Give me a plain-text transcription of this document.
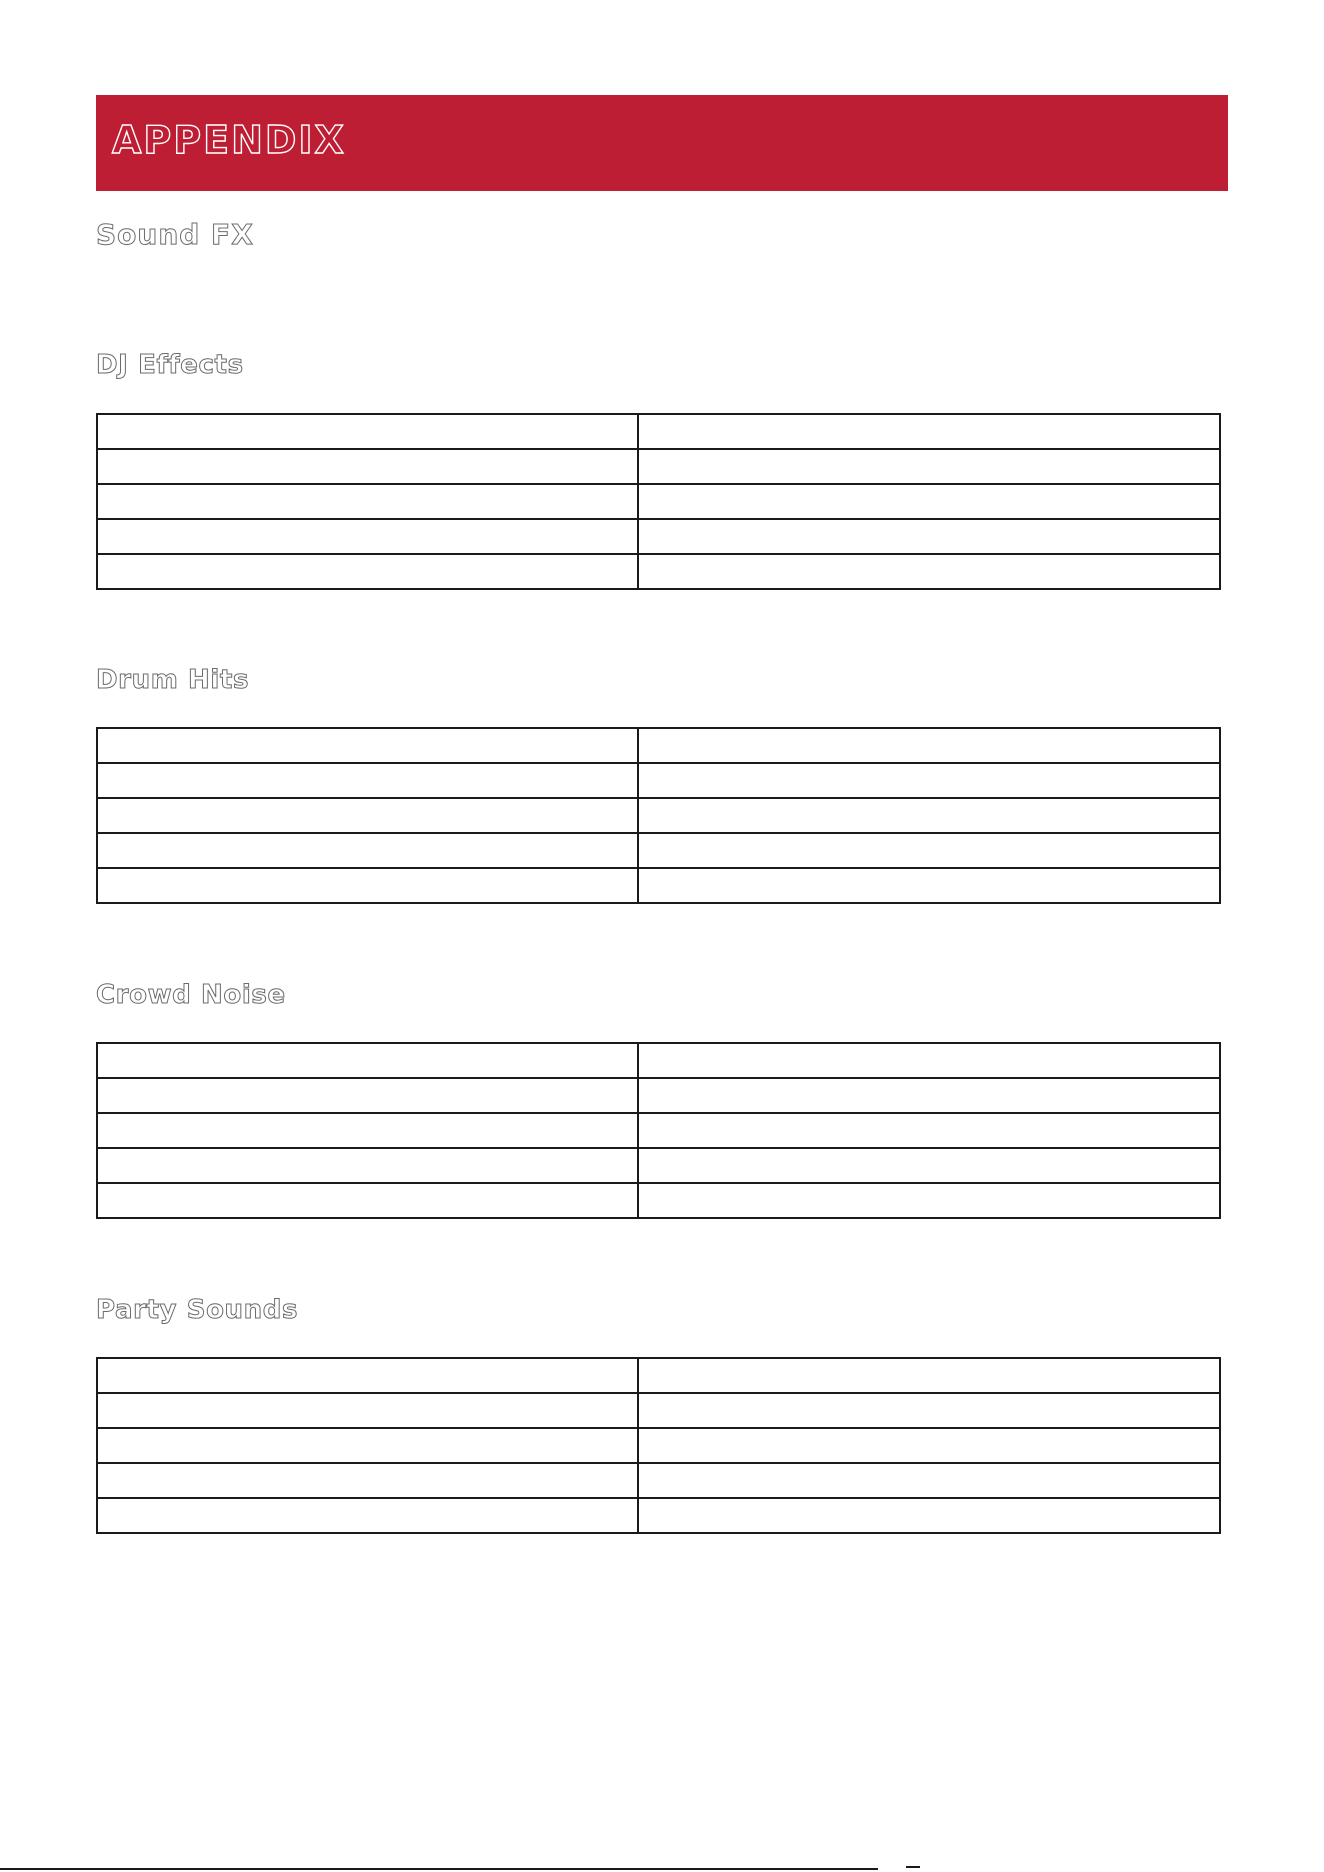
APPENDIX
Sound FX
DJ Effects

Drum Hits

Crowd Noise

Party Sounds
